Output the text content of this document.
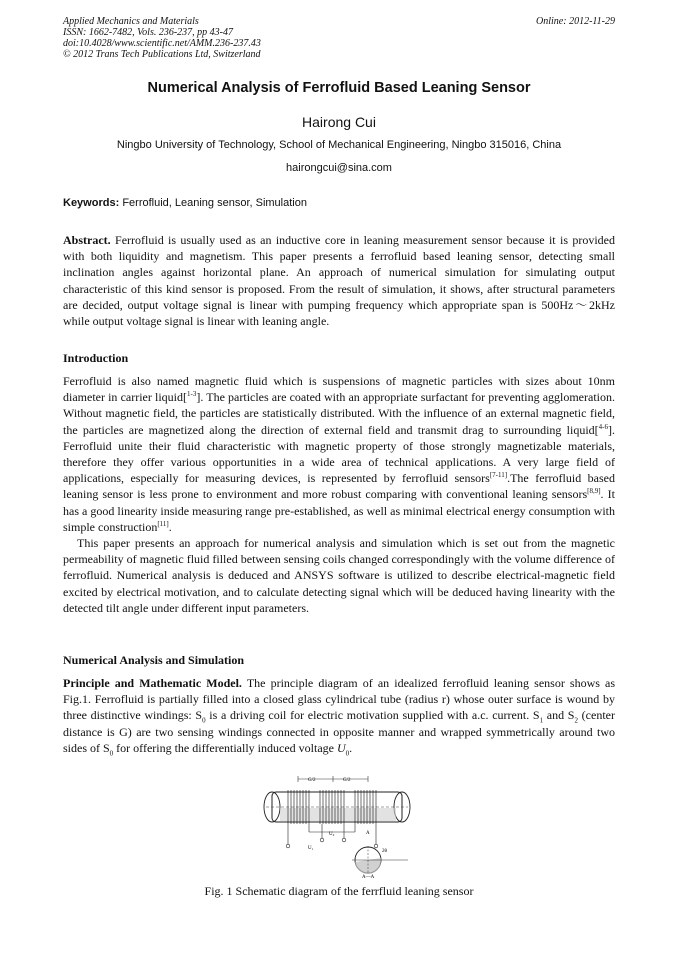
Applied Mechanics and Materials
ISSN: 1662-7482, Vols. 236-237, pp 43-47
doi:10.4028/www.scientific.net/AMM.236-237.43
© 2012 Trans Tech Publications Ltd, Switzerland
Online: 2012-11-29
Numerical Analysis of Ferrofluid Based Leaning Sensor
Hairong Cui
Ningbo University of Technology, School of Mechanical Engineering, Ningbo 315016, China
hairongcui@sina.com
Keywords: Ferrofluid, Leaning sensor, Simulation

Abstract. Ferrofluid is usually used as an inductive core in leaning measurement sensor because it is provided with both liquidity and magnetism. This paper presents a ferrofluid based leaning sensor, detecting small inclination angles against horizontal plane. An approach of numerical simulation for simulating output characteristic of this kind sensor is proposed. From the result of simulation, it shows, after structural parameters are decided, output voltage signal is linear with pumping frequency which appropriate span is 500Hz～2kHz while output voltage signal is linear with leaning angle.

Introduction

Ferrofluid is also named magnetic fluid which is suspensions of magnetic particles with sizes about 10nm diameter in carrier liquid[$^{1-3}$]. The particles are coated with an appropriate surfactant for preventing agglomeration. Without magnetic field, the particles are statistically distributed. With the influence of an external magnetic field, the particles are magnetized along the direction of external field and transmit drag to surrounding liquid[$^{4-6}$]. Ferrofluid unite their fluid characteristic with magnetic property of those strongly magnetizable materials, therefore they offer various opportunities in a wide area of technical applications. A very large field of applications, especially for measuring devices, is represented by ferrofluid sensors[7-11].The ferrofluid based leaning sensor is less prone to environment and more robust comparing with conventional leaning sensors[8,9]. It has a good linearity inside measuring range pre-established, as well as minimal electrical energy consumption with simple construction[11].

This paper presents an approach for numerical analysis and simulation which is set out from the magnetic permeability of magnetic fluid filled between sensing coils changed correspondingly with the volume difference of ferrofluid. Numerical analysis is deduced and ANSYS software is utilized to describe electrical-magnetic field excited by electrical motivation, and to calculate detecting signal which will be deduced having linearity with the detected tilt angle under different input parameters.

Numerical Analysis and Simulation

Principle and Mathematic Model. The principle diagram of an idealized ferrofluid leaning sensor shows as Fig.1. Ferrofluid is partially filled into a closed glass cylindrical tube (radius r) whose outer surface is wound by three distinctive windings: $S_0$ is a driving coil for electric motivation supplied with a.c. current. $S_1$ and $S_2$ (center distance is G) are two sensing windings connected in opposite manner and wrapped symmetrically around two sides of $S_0$ for offering the differentially induced voltage $U_0$.

G/2	G/2
U₀	A
U₁
2θ
A—A
Fig. 1 Schematic diagram of the ferrfluid leaning sensor
